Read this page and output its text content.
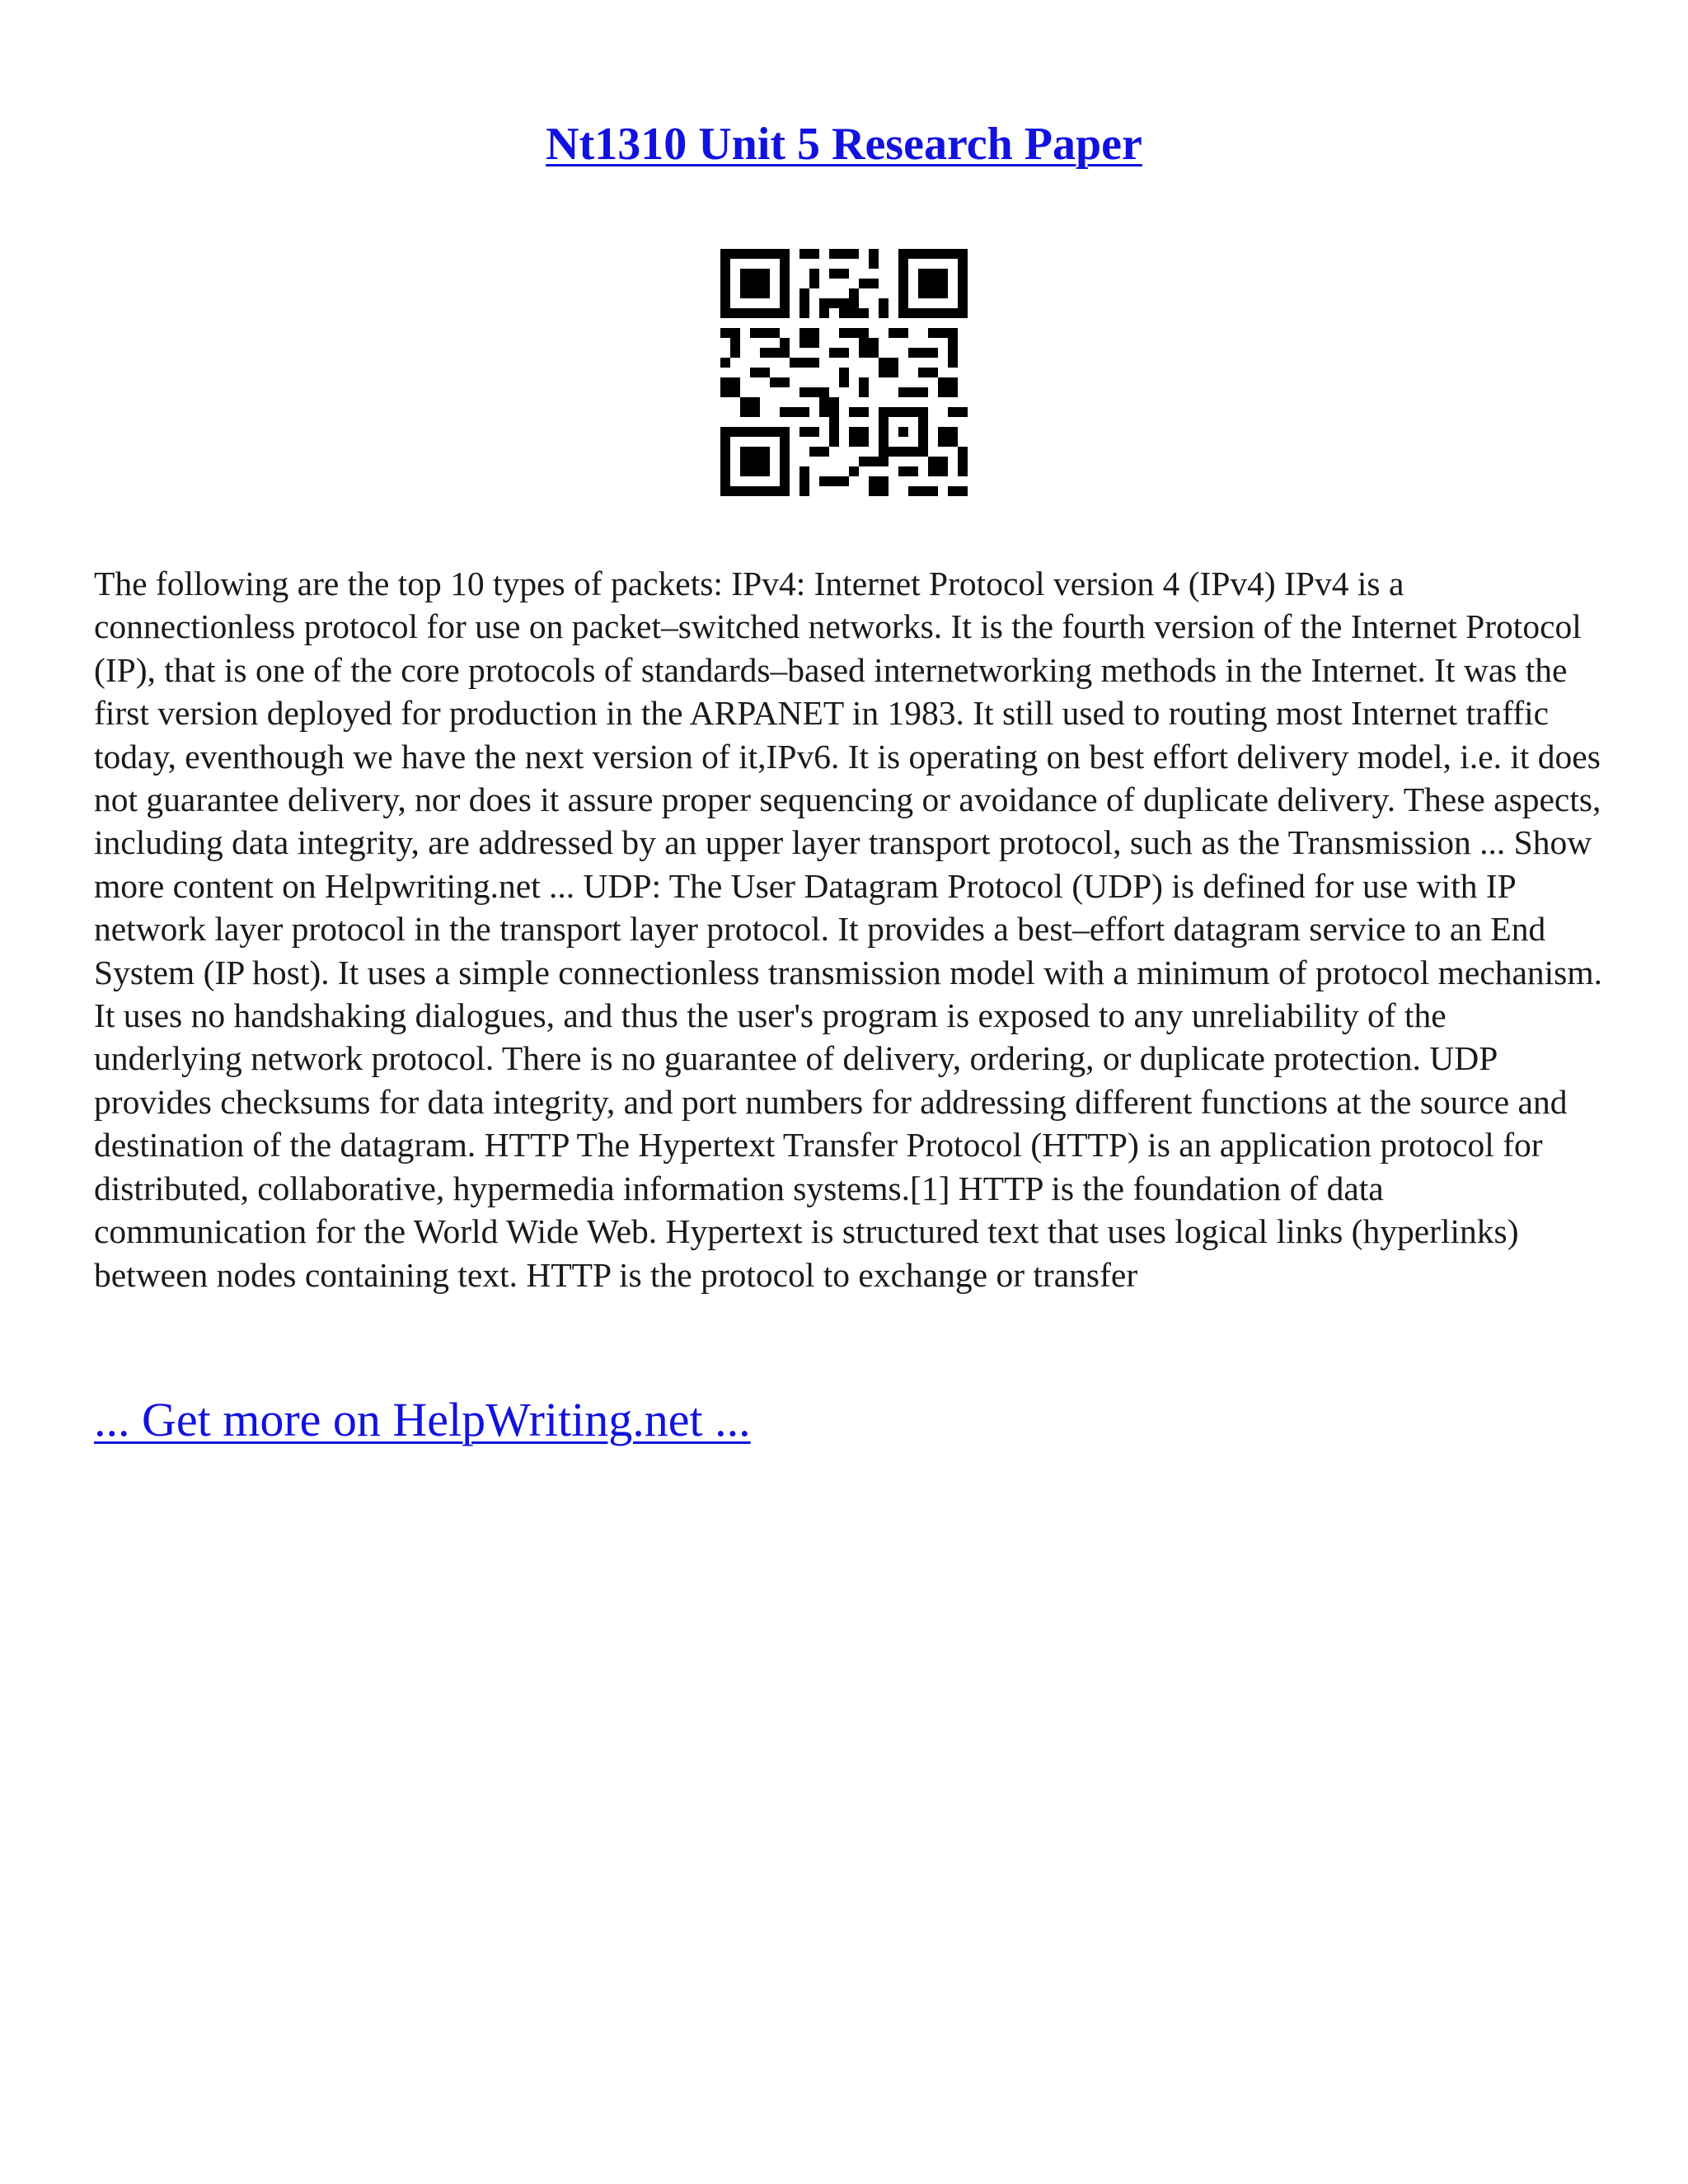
Nt1310 Unit 5 Research Paper

The following are the top 10 types of packets: IPv4: Internet Protocol version 4 (IPv4) IPv4 is a connectionless protocol for use on packet–switched networks. It is the fourth version of the Internet Protocol (IP), that is one of the core protocols of standards–based internetworking methods in the Internet. It was the first version deployed for production in the ARPANET in 1983. It still used to routing most Internet traffic today, eventhough we have the next version of it,IPv6. It is operating on best effort delivery model, i.e. it does not guarantee delivery, nor does it assure proper sequencing or avoidance of duplicate delivery. These aspects, including data integrity, are addressed by an upper layer transport protocol, such as the Transmission ... Show more content on Helpwriting.net ... UDP: The User Datagram Protocol (UDP) is defined for use with IP network layer protocol in the transport layer protocol. It provides a best–effort datagram service to an End System (IP host). It uses a simple connectionless transmission model with a minimum of protocol mechanism. It uses no handshaking dialogues, and thus the user's program is exposed to any unreliability of the underlying network protocol. There is no guarantee of delivery, ordering, or duplicate protection. UDP provides checksums for data integrity, and port numbers for addressing different functions at the source and destination of the datagram. HTTP The Hypertext Transfer Protocol (HTTP) is an application protocol for distributed, collaborative, hypermedia information systems.[1] HTTP is the foundation of data communication for the World Wide Web. Hypertext is structured text that uses logical links (hyperlinks) between nodes containing text. HTTP is the protocol to exchange or transfer

... Get more on HelpWriting.net ...
